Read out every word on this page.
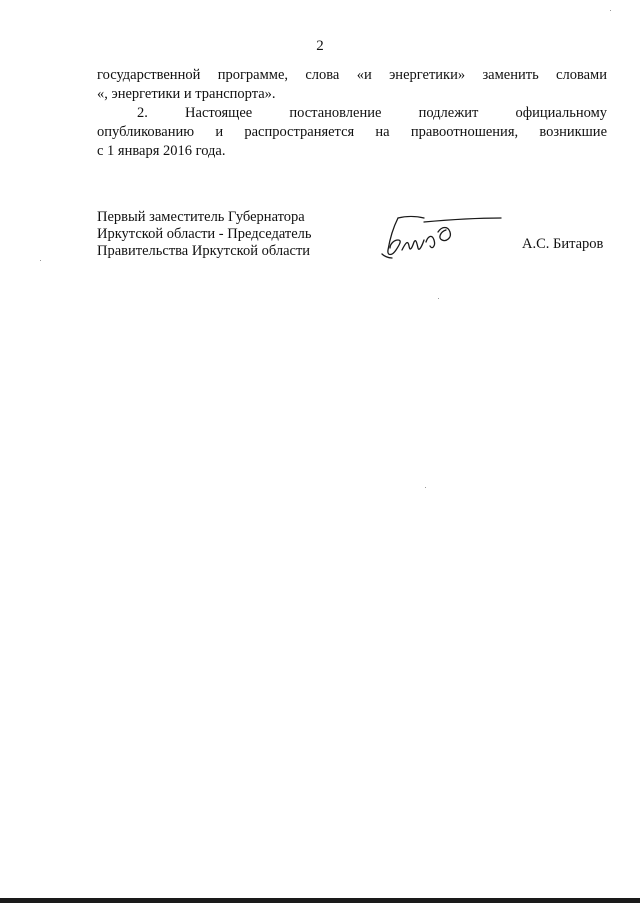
2

государственной программе, слова «и энергетики» заменить словами
«, энергетики и транспорта».

2. Настоящее постановление подлежит официальному
опубликованию и распространяется на правоотношения, возникшие
с 1 января 2016 года.

Первый заместитель Губернатора
Иркутской области - Председатель
Правительства Иркутской области	А.С. Битаров
